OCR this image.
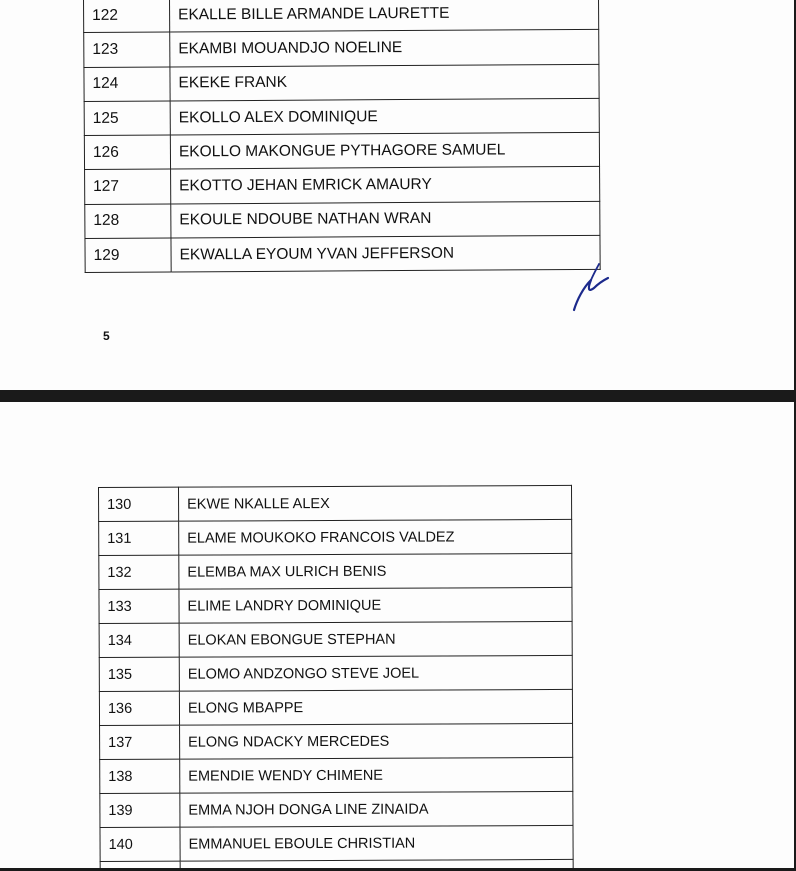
122	EKALLE BILLE ARMANDE LAURETTE
123	EKAMBI MOUANDJO NOELINE
124	EKEKE FRANK
125	EKOLLO ALEX DOMINIQUE
126	EKOLLO MAKONGUE PYTHAGORE SAMUEL
127	EKOTTO JEHAN EMRICK AMAURY
128	EKOULE NDOUBE NATHAN WRAN
129	EKWALLA EYOUM YVAN JEFFERSON
5
130	EKWE NKALLE ALEX
131	ELAME MOUKOKO FRANCOIS VALDEZ
132	ELEMBA MAX ULRICH BENIS
133	ELIME LANDRY DOMINIQUE
134	ELOKAN EBONGUE STEPHAN
135	ELOMO ANDZONGO STEVE JOEL
136	ELONG MBAPPE
137	ELONG NDACKY MERCEDES
138	EMENDIE WENDY CHIMENE
139	EMMA NJOH DONGA LINE ZINAIDA
140	EMMANUEL EBOULE CHRISTIAN
